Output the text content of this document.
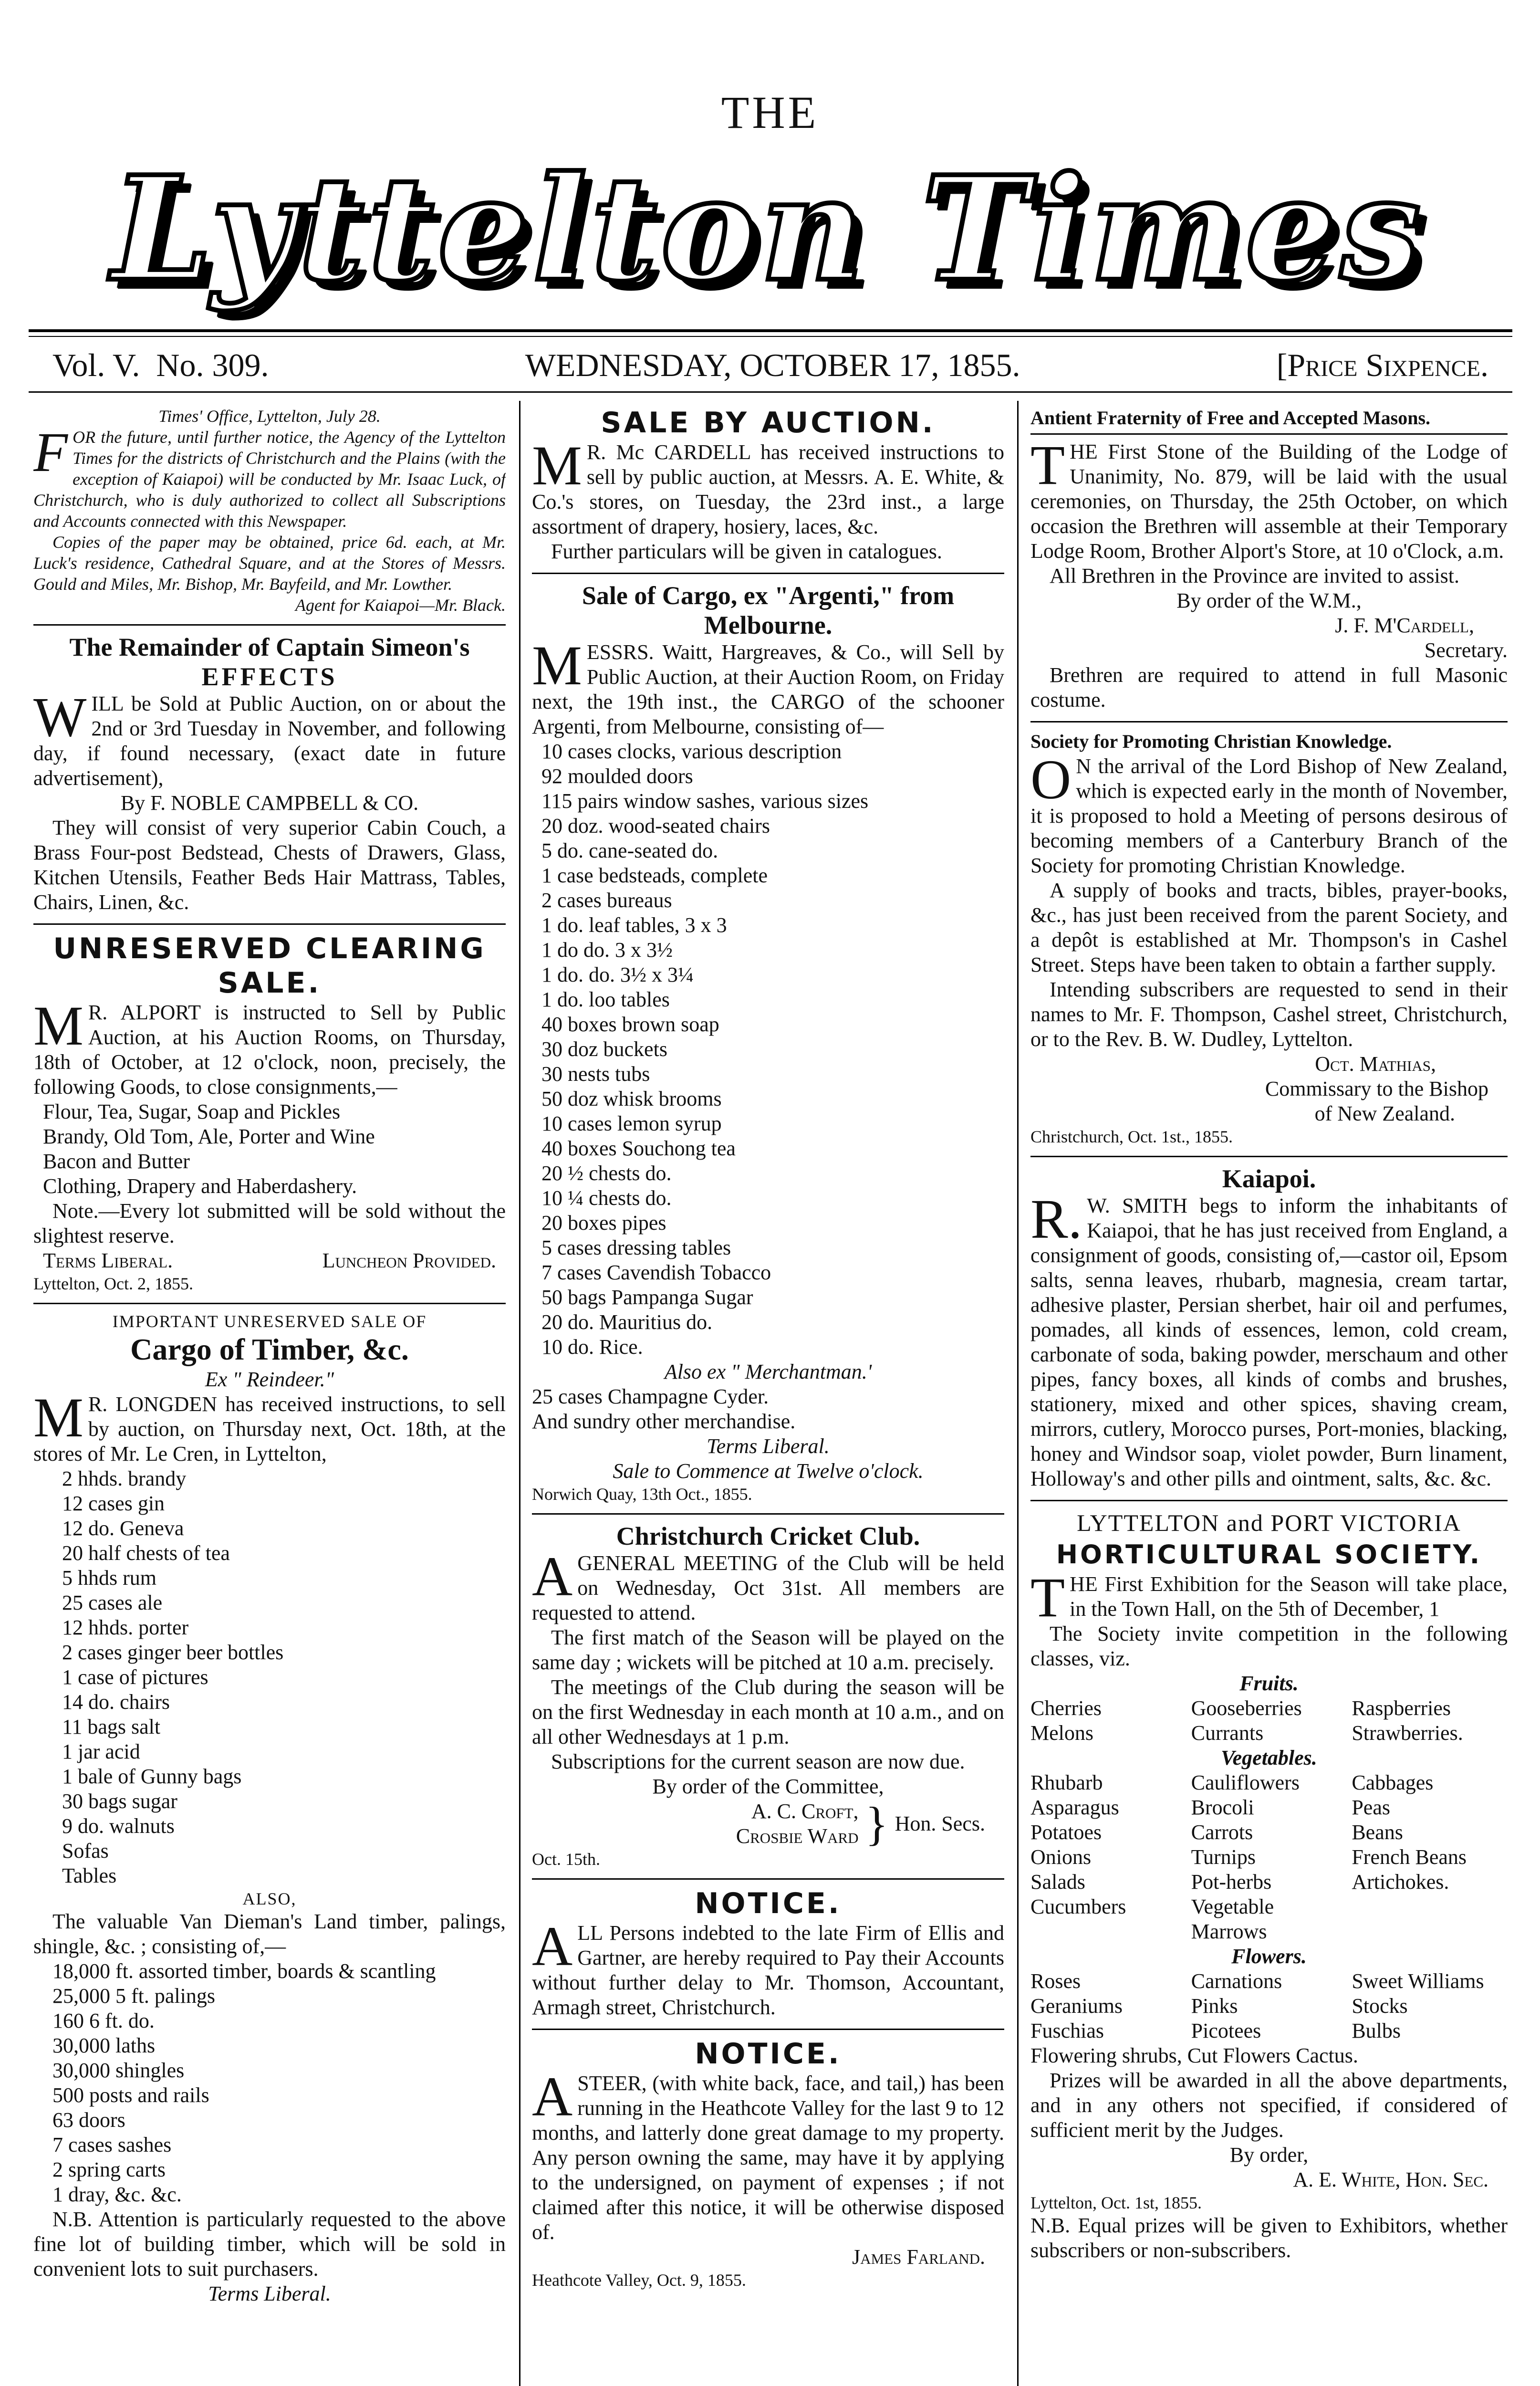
THE
Lyttelton Times
Vol. V. No. 309.	WEDNESDAY, OCTOBER 17, 1855.	[Price Sixpence.

Times' Office, Lyttelton, July 28.

FOR the future, until further notice, the Agency of the Lyttelton Times for the districts of Christchurch and the Plains (with the exception of Kaiapoi) will be conducted by Mr. Isaac Luck, of Christchurch, who is duly authorized to collect all Subscriptions and Accounts connected with this Newspaper.

Copies of the paper may be obtained, price 6d. each, at Mr. Luck's residence, Cathedral Square, and at the Stores of Messrs. Gould and Miles, Mr. Bishop, Mr. Bayfeild, and Mr. Lowther.

Agent for Kaiapoi—Mr. Black.

The Remainder of Captain Simeon's

EFFECTS

WILL be Sold at Public Auction, on or about the 2nd or 3rd Tuesday in November, and following day, if found necessary, (exact date in future advertisement),

By F. NOBLE CAMPBELL & CO.

They will consist of very superior Cabin Couch, a Brass Four-post Bedstead, Chests of Drawers, Glass, Kitchen Utensils, Feather Beds Hair Mattrass, Tables, Chairs, Linen, &c.

UNRESERVED CLEARING SALE.

M R. ALPORT is instructed to Sell by Public Auction, at his Auction Rooms, on Thursday, 18th of October, at 12 o'clock, noon, precisely, the following Goods, to close consignments,—

Flour, Tea, Sugar, Soap and Pickles
Brandy, Old Tom, Ale, Porter and Wine
Bacon and Butter
Clothing, Drapery and Haberdashery.

Note.—Every lot submitted will be sold without the slightest reserve.

Terms Liberal.	Luncheon Provided.

Lyttelton, Oct. 2, 1855.

IMPORTANT UNRESERVED SALE OF

Cargo of Timber, &c.

Ex " Reindeer."

M R. LONGDEN has received instructions, to sell by auction, on Thursday next, Oct. 18th, at the stores of Mr. Le Cren, in Lyttelton,

2 hhds. brandy
12 cases gin
12 do. Geneva
20 half chests of tea
5 hhds rum
25 cases ale
12 hhds. porter
2 cases ginger beer bottles
1 case of pictures
14 do. chairs
11 bags salt
1 jar acid
1 bale of Gunny bags
30 bags sugar
9 do. walnuts
Sofas
Tables

ALSO,

The valuable Van Dieman's Land timber, palings, shingle, &c. ; consisting of,—

18,000 ft. assorted timber, boards & scantling
25,000 5 ft. palings
160 6 ft. do.
30,000 laths
30,000 shingles
500 posts and rails
63 doors
7 cases sashes
2 spring carts
1 dray, &c. &c.

N.B. Attention is particularly requested to the above fine lot of building timber, which will be sold in convenient lots to suit purchasers.

Terms Liberal.

SALE BY AUCTION.

M R. Mc CARDELL has received instructions to sell by public auction, at Messrs. A. E. White, & Co.'s stores, on Tuesday, the 23rd inst., a large assortment of drapery, hosiery, laces, &c.

Further particulars will be given in catalogues.

Sale of Cargo, ex "Argenti," from Melbourne.

MESSRS. Waitt, Hargreaves, & Co., will Sell by Public Auction, at their Auction Room, on Friday next, the 19th inst., the CARGO of the schooner Argenti, from Melbourne, consisting of—

10 cases clocks, various description
92 moulded doors
115 pairs window sashes, various sizes
20 doz. wood-seated chairs
5 do. cane-seated do.
1 case bedsteads, complete
2 cases bureaus
1 do. leaf tables, 3 x 3
1 do do. 3 x 3½
1 do. do. 3½ x 3¼
1 do. loo tables
40 boxes brown soap
30 doz buckets
30 nests tubs
50 doz whisk brooms
10 cases lemon syrup
40 boxes Souchong tea
20 ½ chests do.
10 ¼ chests do.
20 boxes pipes
5 cases dressing tables
7 cases Cavendish Tobacco
50 bags Pampanga Sugar
20 do. Mauritius do.
10 do. Rice.

Also ex " Merchantman.'

25 cases Champagne Cyder.

And sundry other merchandise.

Terms Liberal.

Sale to Commence at Twelve o'clock.

Norwich Quay, 13th Oct., 1855.

Christchurch Cricket Club.

AGENERAL MEETING of the Club will be held on Wednesday, Oct 31st. All members are requested to attend.

The first match of the Season will be played on the same day ; wickets will be pitched at 10 a.m. precisely.

The meetings of the Club during the season will be on the first Wednesday in each month at 10 a.m., and on all other Wednesdays at 1 p.m.

Subscriptions for the current season are now due.

By order of the Committee,

A. C. Croft,
Crosbie Ward } Hon. Secs.

Oct. 15th.

NOTICE.

ALL Persons indebted to the late Firm of Ellis and Gartner, are hereby required to Pay their Accounts without further delay to Mr. Thomson, Accountant, Armagh street, Christchurch.

NOTICE.

ASTEER, (with white back, face, and tail,) has been running in the Heathcote Valley for the last 9 to 12 months, and latterly done great damage to my property. Any person owning the same, may have it by applying to the undersigned, on payment of expenses ; if not claimed after this notice, it will be otherwise disposed of.

James Farland.

Heathcote Valley, Oct. 9, 1855.

Antient Fraternity of Free and Accepted Masons.

THE First Stone of the Building of the Lodge of Unanimity, No. 879, will be laid with the usual ceremonies, on Thursday, the 25th October, on which occasion the Brethren will assemble at their Temporary Lodge Room, Brother Alport's Store, at 10 o'Clock, a.m.

All Brethren in the Province are invited to assist.

By order of the W.M.,

J. F. M'Cardell,

Secretary.

Brethren are required to attend in full Masonic costume.

Society for Promoting Christian Knowledge.

O N the arrival of the Lord Bishop of New Zealand, which is expected early in the month of November, it is proposed to hold a Meeting of persons desirous of becoming members of a Canterbury Branch of the Society for promoting Christian Knowledge.

A supply of books and tracts, bibles, prayer-books, &c., has just been received from the parent Society, and a depôt is established at Mr. Thompson's in Cashel Street. Steps have been taken to obtain a farther supply.

Intending subscribers are requested to send in their names to Mr. F. Thompson, Cashel street, Christchurch, or to the Rev. B. W. Dudley, Lyttelton.

Oct. Mathias,

Commissary to the Bishop

of New Zealand.

Christchurch, Oct. 1st., 1855.

Kaiapoi.

R. W. SMITH begs to inform the inhabitants of Kaiapoi, that he has just received from England, a consignment of goods, consisting of,—castor oil, Epsom salts, senna leaves, rhubarb, magnesia, cream tartar, adhesive plaster, Persian sherbet, hair oil and perfumes, pomades, all kinds of essences, lemon, cold cream, carbonate of soda, baking powder, merschaum and other pipes, fancy boxes, all kinds of combs and brushes, stationery, mixed and other spices, shaving cream, mirrors, cutlery, Morocco purses, Port-monies, blacking, honey and Windsor soap, violet powder, Burn linament, Holloway's and other pills and ointment, salts, &c. &c.

LYTTELTON and PORT VICTORIA

HORTICULTURAL SOCIETY.

THE First Exhibition for the Season will take place, in the Town Hall, on the 5th of December, 1

The Society invite competition in the following classes, viz.

Fruits.

Cherries	Gooseberries	Raspberries
Melons	Currants	Strawberries.

Vegetables.

Rhubarb	Cauliflowers	Cabbages
Asparagus	Brocoli	Peas
Potatoes	Carrots	Beans
Onions	Turnips	French Beans
Salads	Pot-herbs	Artichokes.
Cucumbers	Vegetable Marrows

Flowers.

Roses	Carnations	Sweet Williams
Geraniums	Pinks	Stocks
Fuschias	Picotees	Bulbs

Flowering shrubs, Cut Flowers Cactus.

Prizes will be awarded in all the above departments, and in any others not specified, if considered of sufficient merit by the Judges.

By order,

A. E. White, Hon. Sec.

Lyttelton, Oct. 1st, 1855.

N.B. Equal prizes will be given to Exhibitors, whether subscribers or non-subscribers.
